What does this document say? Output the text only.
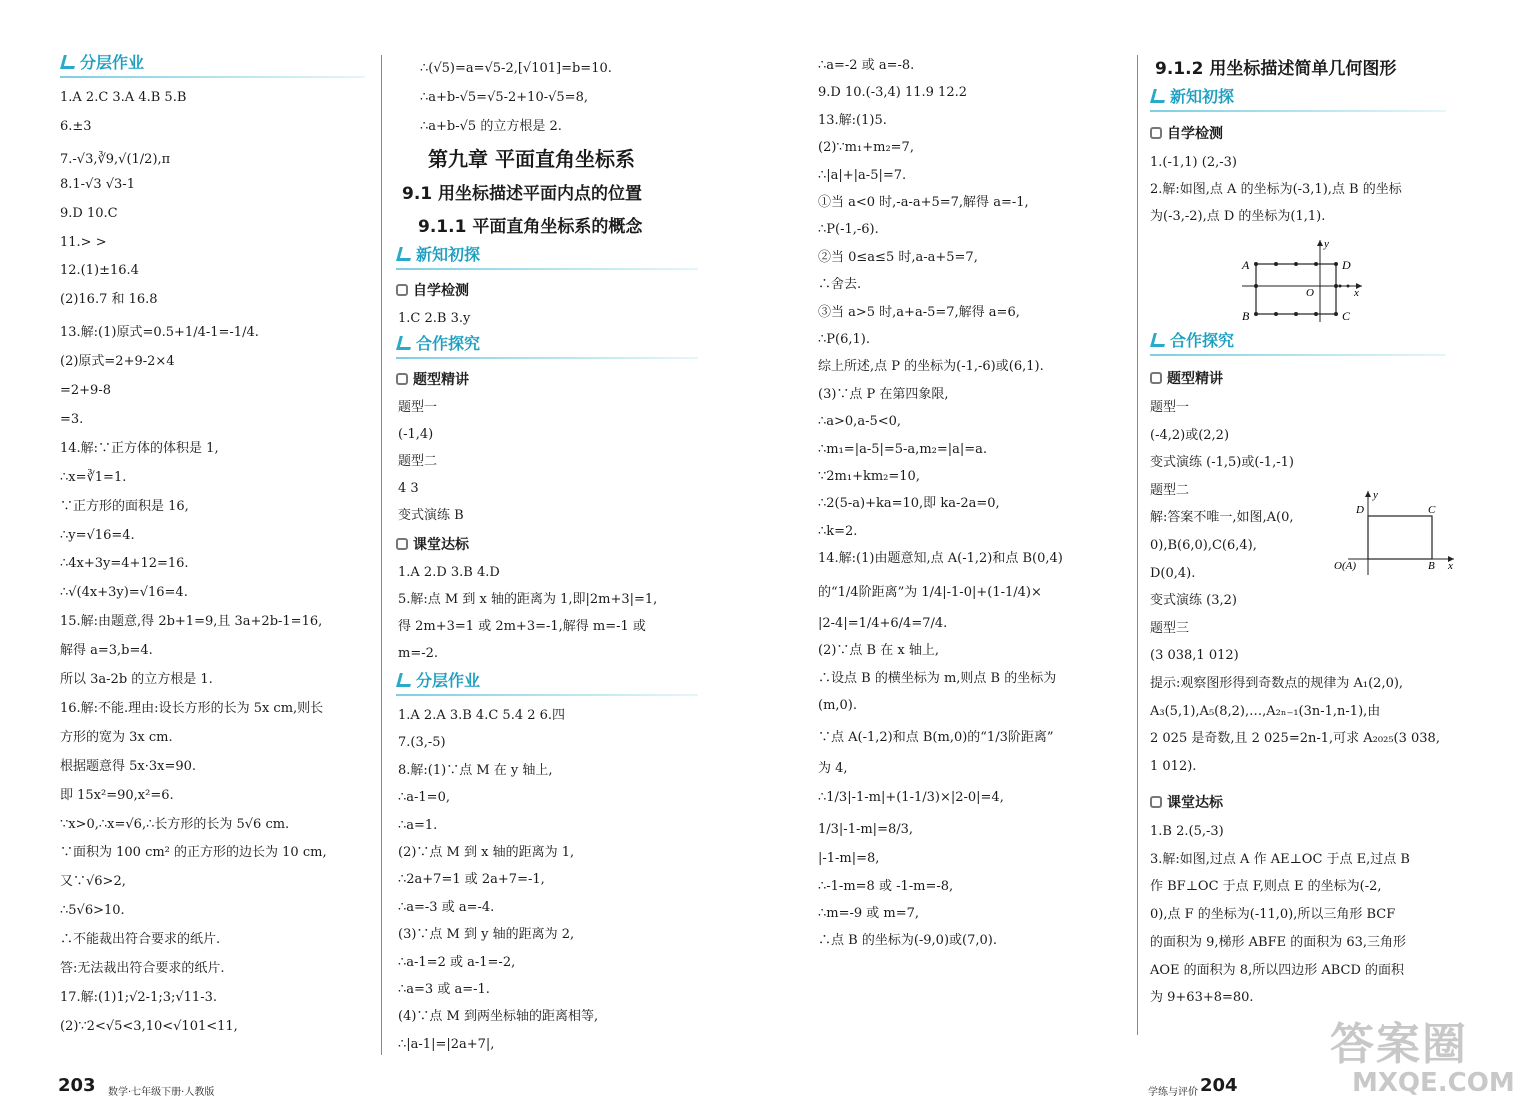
分层作业
1.A 2.C 3.A 4.B 5.B
6.±3
7.-√3,∛9,√(1/2),π
8.1-√3 √3-1
9.D 10.C
11.> >
12.(1)±16.4
(2)16.7 和 16.8
13.解:(1)原式=0.5+1/4-1=-1/4.
(2)原式=2+9-2×4
=2+9-8
=3.
14.解:∵正方体的体积是 1,
∴x=∛1=1.
∵正方形的面积是 16,
∴y=√16=4.
∴4x+3y=4+12=16.
∴√(4x+3y)=√16=4.
15.解:由题意,得 2b+1=9,且 3a+2b-1=16,
解得 a=3,b=4.
所以 3a-2b 的立方根是 1.
16.解:不能.理由:设长方形的长为 5x cm,则长
方形的宽为 3x cm.
根据题意得 5x·3x=90.
即 15x²=90,x²=6.
∵x>0,∴x=√6,∴长方形的长为 5√6 cm.
∵面积为 100 cm² 的正方形的边长为 10 cm,
又∵√6>2,
∴5√6>10.
∴不能裁出符合要求的纸片.
答:无法裁出符合要求的纸片.
17.解:(1)1;√2-1;3;√11-3.
(2)∵2<√5<3,10<√101<11,
∴(√5)=a=√5-2,[√101]=b=10.
∴a+b-√5=√5-2+10-√5=8,
∴a+b-√5 的立方根是 2.
第九章 平面直角坐标系
9.1 用坐标描述平面内点的位置
9.1.1 平面直角坐标系的概念
新知初探
自学检测
1.C 2.B 3.y
合作探究
题型精讲
题型一
(-1,4)
题型二
4 3
变式演练 B
课堂达标
1.A 2.D 3.B 4.D
5.解:点 M 到 x 轴的距离为 1,即|2m+3|=1,
得 2m+3=1 或 2m+3=-1,解得 m=-1 或
m=-2.
分层作业
1.A 2.A 3.B 4.C 5.4 2 6.四
7.(3,-5)
8.解:(1)∵点 M 在 y 轴上,
∴a-1=0,
∴a=1.
(2)∵点 M 到 x 轴的距离为 1,
∴2a+7=1 或 2a+7=-1,
∴a=-3 或 a=-4.
(3)∵点 M 到 y 轴的距离为 2,
∴a-1=2 或 a-1=-2,
∴a=3 或 a=-1.
(4)∵点 M 到两坐标轴的距离相等,
∴|a-1|=|2a+7|,
∴a=-2 或 a=-8.
9.D 10.(-3,4) 11.9 12.2
13.解:(1)5.
(2)∵m₁+m₂=7,
∴|a|+|a-5|=7.
①当 a<0 时,-a-a+5=7,解得 a=-1,
∴P(-1,-6).
②当 0≤a≤5 时,a-a+5=7,
∴舍去.
③当 a>5 时,a+a-5=7,解得 a=6,
∴P(6,1).
综上所述,点 P 的坐标为(-1,-6)或(6,1).
(3)∵点 P 在第四象限,
∴a>0,a-5<0,
∴m₁=|a-5|=5-a,m₂=|a|=a.
∵2m₁+km₂=10,
∴2(5-a)+ka=10,即 ka-2a=0,
∴k=2.
14.解:(1)由题意知,点 A(-1,2)和点 B(0,4)
的“1/4阶距离”为 1/4|-1-0|+(1-1/4)×
|2-4|=1/4+6/4=7/4.
(2)∵点 B 在 x 轴上,
∴设点 B 的横坐标为 m,则点 B 的坐标为
(m,0).
∵点 A(-1,2)和点 B(m,0)的“1/3阶距离”
为 4,
∴1/3|-1-m|+(1-1/3)×|2-0|=4,
1/3|-1-m|=8/3,
|-1-m|=8,
∴-1-m=8 或 -1-m=-8,
∴m=-9 或 m=7,
∴点 B 的坐标为(-9,0)或(7,0).
9.1.2 用坐标描述简单几何图形
新知初探
自学检测
1.(-1,1) (2,-3)
2.解:如图,点 A 的坐标为(-3,1),点 B 的坐标
为(-3,-2),点 D 的坐标为(1,1).
A	D
B	C
O	x
y
合作探究
题型精讲
题型一
(-4,2)或(2,2)
变式演练 (-1,5)或(-1,-1)
题型二
解:答案不唯一,如图,A(0,
0),B(6,0),C(6,4),
D(0,4).
变式演练 (3,2)
题型三
(3 038,1 012)
提示:观察图形得到奇数点的规律为 A₁(2,0),
A₃(5,1),A₅(8,2),…,A₂ₙ₋₁(3n-1,n-1),由
2 025 是奇数,且 2 025=2n-1,可求 A₂₀₂₅(3 038,
1 012).
y
D	C
O(A)	B x
课堂达标
1.B 2.(5,-3)
3.解:如图,过点 A 作 AE⊥OC 于点 E,过点 B
作 BF⊥OC 于点 F,则点 E 的坐标为(-2,
0),点 F 的坐标为(-11,0),所以三角形 BCF
的面积为 9,梯形 ABFE 的面积为 63,三角形
AOE 的面积为 8,所以四边形 ABCD 的面积
为 9+63+8=80.
203 数学·七年级下册·人教版	学练与评价 204
答案圈
MXQE.COM
